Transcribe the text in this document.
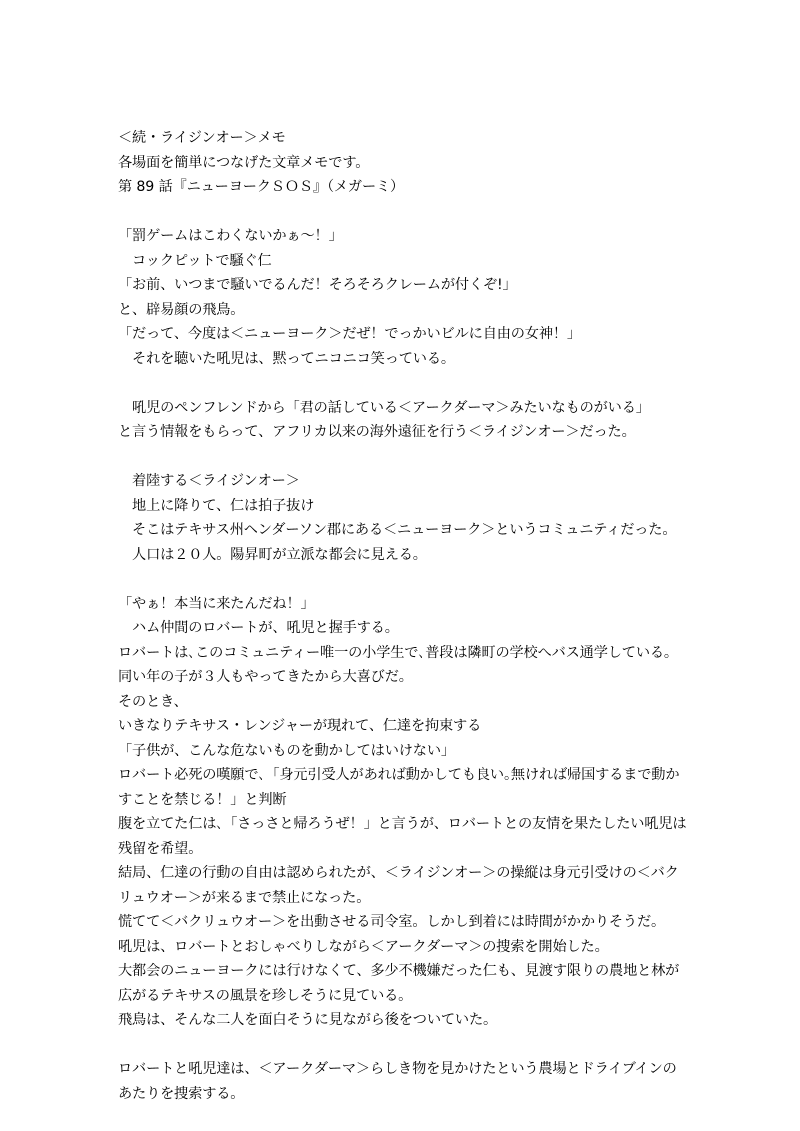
＜続・ライジンオー＞メモ
各場面を簡単につなげた文章メモです。
第 89 話『ニューヨークＳＯＳ』（メガーミ）
「罰ゲームはこわくないかぁ～！」
　コックピットで騒ぐ仁
「お前、いつまで騒いでるんだ！そろそろクレームが付くぞ!」
と、辟易顔の飛鳥。
「だって、今度は＜ニューヨーク＞だぜ！でっかいビルに自由の女神！」
　それを聴いた吼児は、黙ってニコニコ笑っている。
　吼児のペンフレンドから「君の話している＜アークダーマ＞みたいなものがいる」
と言う情報をもらって、アフリカ以来の海外遠征を行う＜ライジンオー＞だった。
　着陸する＜ライジンオー＞
　地上に降りて、仁は拍子抜け
　そこはテキサス州ヘンダーソン郡にある＜ニューヨーク＞というコミュニティだった。
　人口は２０人。陽昇町が立派な都会に見える。
「やぁ！本当に来たんだね！」
　ハム仲間のロバートが、吼児と握手する。
ロバートは､このコミュニティー唯一の小学生で､普段は隣町の学校へバス通学している。
同い年の子が３人もやってきたから大喜びだ。
そのとき、
いきなりテキサス・レンジャーが現れて、仁達を拘束する
「子供が、こんな危ないものを動かしてはいけない」
ロバート必死の嘆願で､「身元引受人があれば動かしても良い｡無ければ帰国するまで動か
すことを禁じる！」と判断
腹を立てた仁は､「さっさと帰ろうぜ！」と言うが、ロバートとの友情を果たしたい吼児は
残留を希望。
結局、仁達の行動の自由は認められたが、＜ライジンオー＞の操縦は身元引受けの＜バク
リュウオー＞が来るまで禁止になった。
慌てて＜バクリュウオー＞を出動させる司令室。しかし到着には時間がかかりそうだ。
吼児は、ロバートとおしゃべりしながら＜アークダーマ＞の捜索を開始した。
大都会のニューヨークには行けなくて、多少不機嫌だった仁も、見渡す限りの農地と林が
広がるテキサスの風景を珍しそうに見ている。
飛鳥は、そんな二人を面白そうに見ながら後をついていた。
ロバートと吼児達は、＜アークダーマ＞らしき物を見かけたという農場とドライブインの
あたりを捜索する。
